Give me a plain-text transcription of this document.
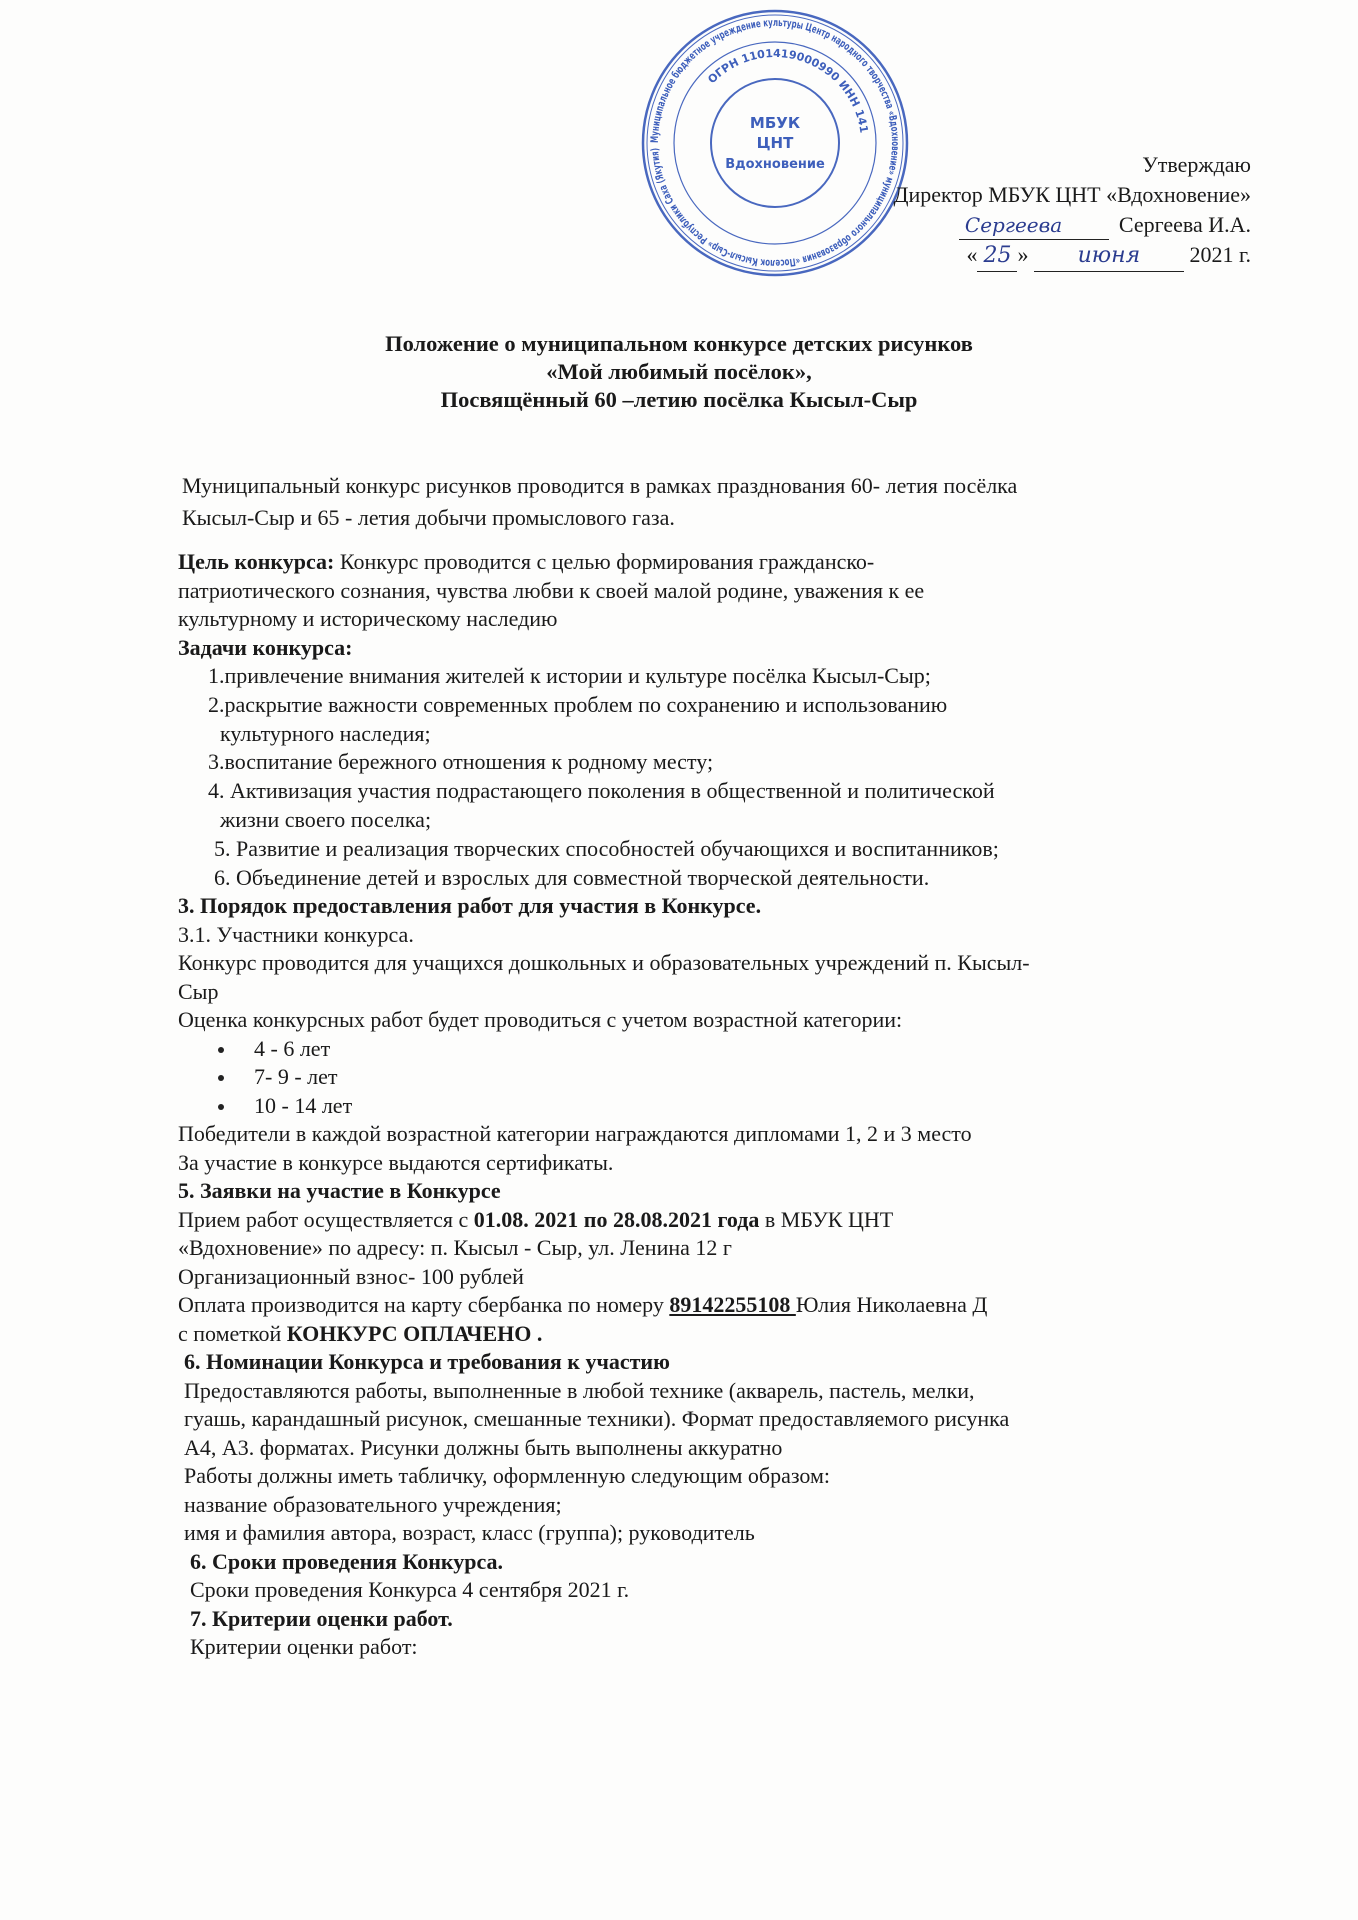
Муниципальное бюджетное учреждение культуры Центр народного творчества «Вдохновение» муниципального образования «Поселок Кысыл-Сыр» Республики Саха (Якутия)
ОГРН 1101419000990 ИНН 141
МБУК
ЦНТ
Вдохновение	Утверждаю
Директор МБУК ЦНТ «Вдохновение»
Сергеева	Сергеева И.А.
« 25 » июня 2021 г.
Положение о муниципальном конкурсе детских рисунков
«Мой любимый посёлок»,
Посвящённый 60 –летию посёлка Кысыл-Сыр
Муниципальный конкурс рисунков проводится в рамках празднования 60- летия посёлка
Кысыл-Сыр и 65 - летия добычи промыслового газа.
Цель конкурса: Конкурс проводится с целью формирования гражданско-
патриотического сознания, чувства любви к своей малой родине, уважения к ее
культурному и историческому наследию
Задачи конкурса:
1.привлечение внимания жителей к истории и культуре посёлка Кысыл-Сыр;
2.раскрытие важности современных проблем по сохранению и использованию
культурного наследия;
3.воспитание бережного отношения к родному месту;
4. Активизация участия подрастающего поколения в общественной и политической
жизни своего поселка;
5. Развитие и реализация творческих способностей обучающихся и воспитанников;
6. Объединение детей и взрослых для совместной творческой деятельности.
3. Порядок предоставления работ для участия в Конкурсе.
3.1. Участники конкурса.
Конкурс проводится для учащихся дошкольных и образовательных учреждений п. Кысыл-
Сыр
Оценка конкурсных работ будет проводиться с учетом возрастной категории:
4 - 6 лет
7- 9 - лет
10 - 14 лет
Победители в каждой возрастной категории награждаются дипломами 1, 2 и 3 место
За участие в конкурсе выдаются сертификаты.
5. Заявки на участие в Конкурсе
Прием работ осуществляется с 01.08. 2021 по 28.08.2021 года в МБУК ЦНТ
«Вдохновение» по адресу: п. Кысыл - Сыр, ул. Ленина 12 г
Организационный взнос- 100 рублей
Оплата производится на карту сбербанка по номеру 89142255108 Юлия Николаевна Д
с пометкой КОНКУРС ОПЛАЧЕНО .
6. Номинации Конкурса и требования к участию
Предоставляются работы, выполненные в любой технике (акварель, пастель, мелки,
гуашь, карандашный рисунок, смешанные техники). Формат предоставляемого рисунка
А4, А3. форматах. Рисунки должны быть выполнены аккуратно
Работы должны иметь табличку, оформленную следующим образом:
название образовательного учреждения;
имя и фамилия автора, возраст, класс (группа); руководитель
6. Сроки проведения Конкурса.
Сроки проведения Конкурса 4 сентября 2021 г.
7. Критерии оценки работ.
Критерии оценки работ:
